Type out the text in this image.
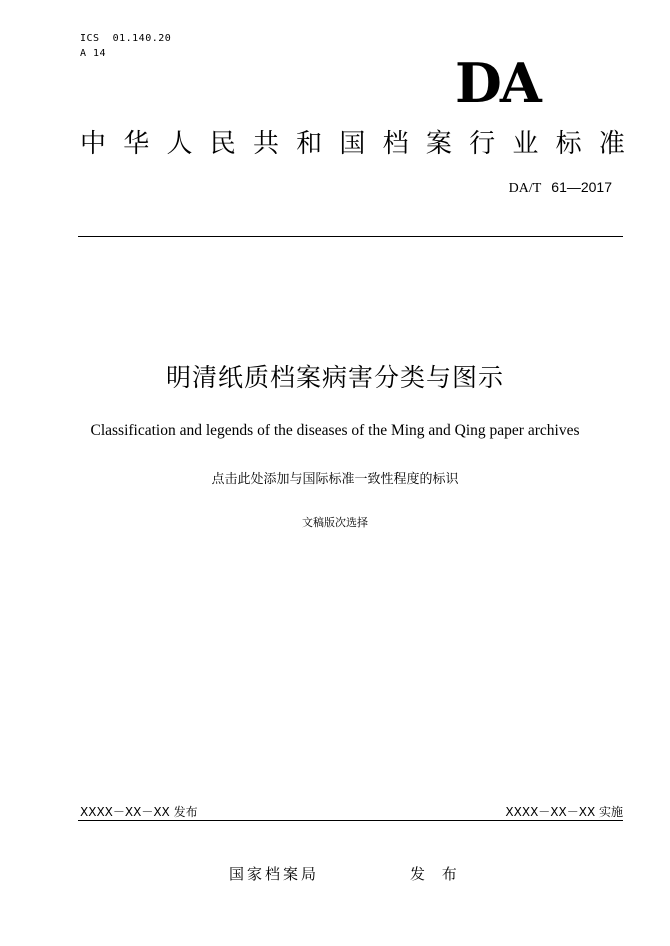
ICS  01.140.20
A 14	DA
中 华 人 民 共 和 国 档 案 行 业 标 准
DA/T 61—2017
明清纸质档案病害分类与图示
Classification and legends of the diseases of the Ming and Qing paper archives
点击此处添加与国际标准一致性程度的标识
文稿版次选择
XXXX－XX－XX 发布	XXXX－XX－XX 实施
国家档案局	发 布
